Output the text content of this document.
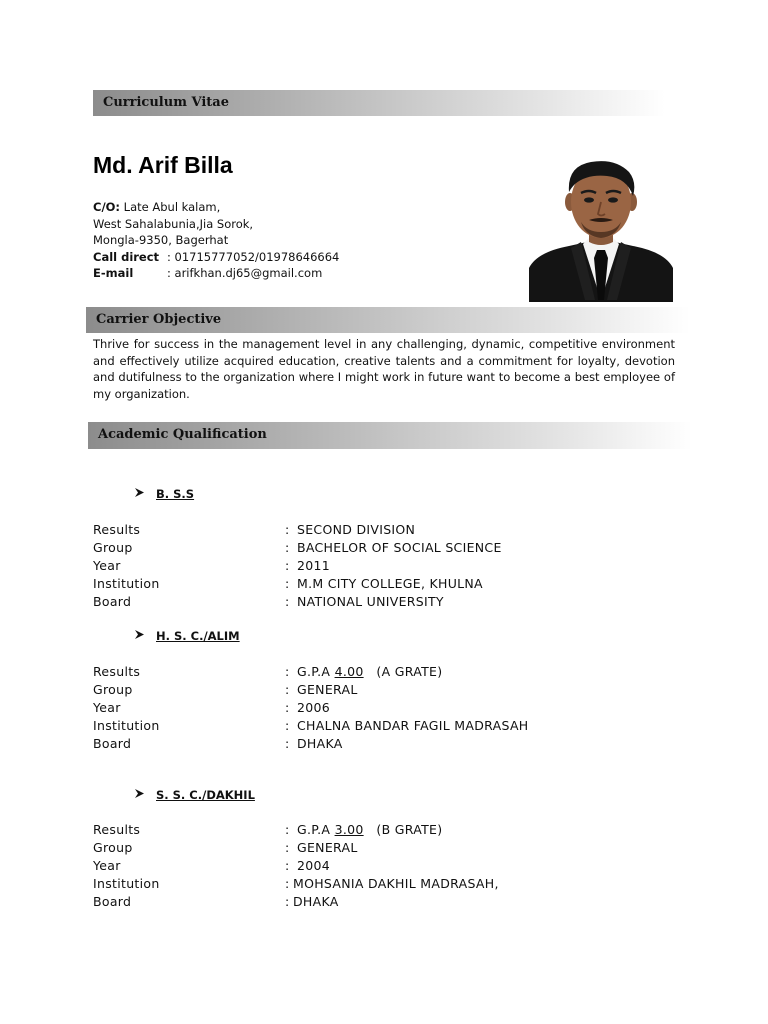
Curriculum Vitae
Md. Arif Billa
C/O: Late Abul kalam,
West Sahalabunia,Jia Sorok,
Mongla-9350, Bagerhat
Call direct : 01715777052/01978646664
E-mail	: arifkhan.dj65@gmail.com
Carrier Objective

Thrive for success in the management level in any challenging, dynamic, competitive environment and effectively utilize acquired education, creative talents and a commitment for loyalty, devotion and dutifulness to the organization where I might work in future want to become a best employee of my organization.

Academic Qualification
B. S.S
Results	: SECOND DIVISION
Group	: BACHELOR OF SOCIAL SCIENCE
Year	: 2011
Institution	: M.M CITY COLLEGE, KHULNA
Board	: NATIONAL UNIVERSITY
H. S. C./ALIM
Results	: G.P.A 4.00   (A GRATE)
Group	: GENERAL
Year	: 2006
Institution	: CHALNA BANDAR FAGIL MADRASAH
Board	: DHAKA
S. S. C./DAKHIL
Results	: G.P.A 3.00   (B GRATE)
Group	: GENERAL
Year	: 2004
Institution	: MOHSANIA DAKHIL MADRASAH,
Board	: DHAKA
